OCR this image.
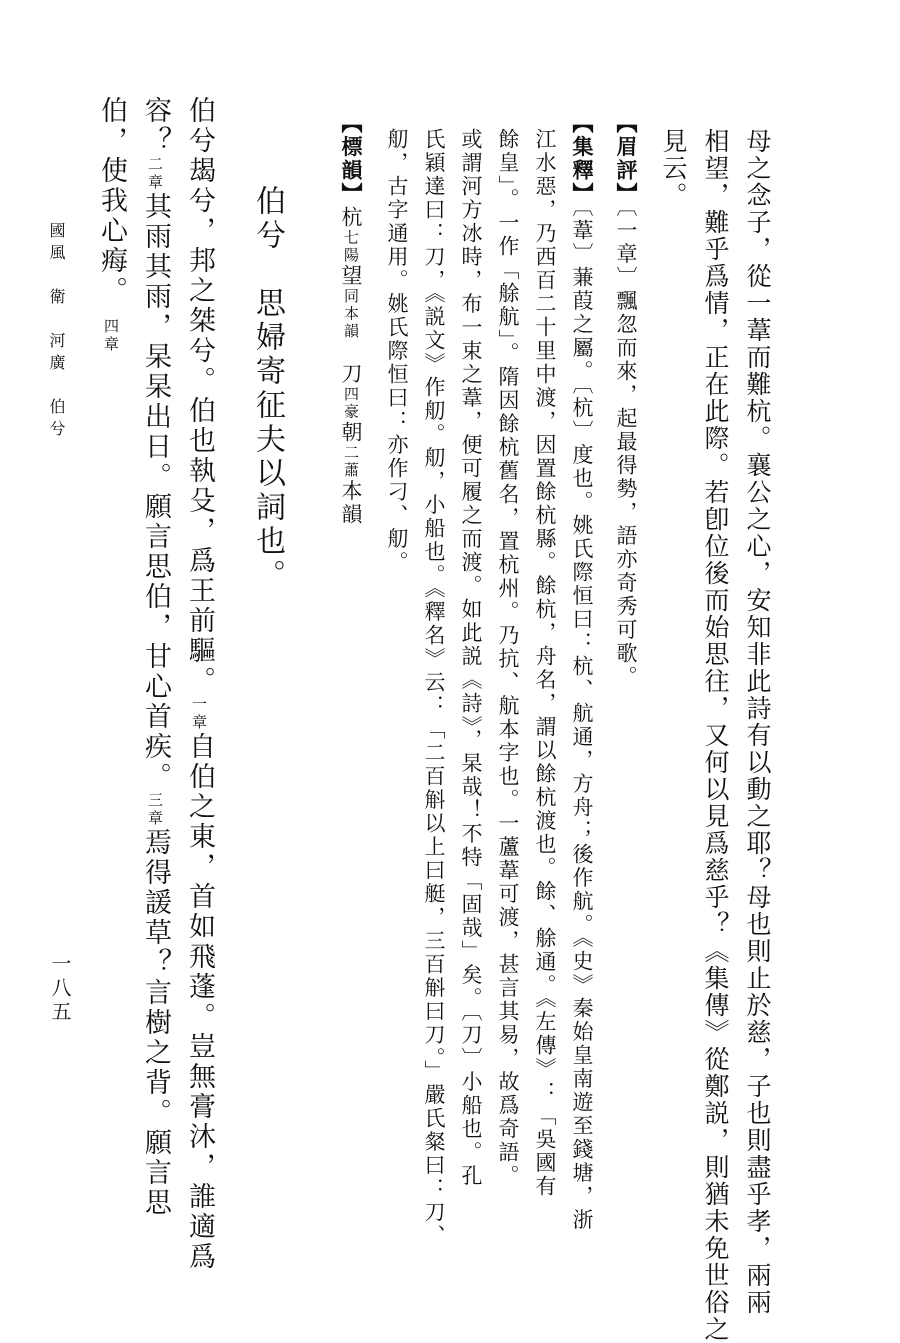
母之念子，從一葦而難杭。襄公之心，安知非此詩有以動之耶？母也則止於慈，子也則盡乎孝，兩兩
相望，難乎爲情，正在此際。若卽位後而始思往，又何以見爲慈乎？《集傳》從鄭説，則猶未免世俗之
見云。
【眉評】〔一章〕飄忽而來，起最得勢，語亦奇秀可歌。
【集釋】〔葦〕蒹葭之屬。〔杭〕度也。姚氏際恒曰：杭、航通，方舟；後作航。《史》秦始皇南遊至錢塘，浙
江水惡，乃西百二十里中渡，因置餘杭縣。餘杭，舟名，謂以餘杭渡也。餘、艅通。《左傳》：「吳國有
餘皇」。一作「艅航」。隋因餘杭舊名，置杭州。乃抗、航本字也。一蘆葦可渡，甚言其易，故爲奇語。
或謂河方冰時，布一束之葦，便可履之而渡。如此説《詩》，杲哉！不特「固哉」矣。〔刀〕小船也。孔
氏穎達曰：刀，《説文》作舠。舠，小船也。《釋名》云：「二百斛以上曰艇，三百斛曰刀。」嚴氏粲曰：刀、
舠，古字通用。姚氏際恒曰：亦作刁、舠。
【標韻】杭七陽望同本韻刀四豪朝二蕭本韻
伯兮思婦寄征夫以詞也。
伯兮朅兮，邦之桀兮。伯也執殳，爲王前驅。一章自伯之東，首如飛蓬。豈無膏沐，誰適爲
容？二章其雨其雨，杲杲出日。願言思伯，甘心首疾。三章焉得諼草？言樹之背。願言思
伯，使我心痗。四章
國風　衛　河廣　伯兮
一八五
